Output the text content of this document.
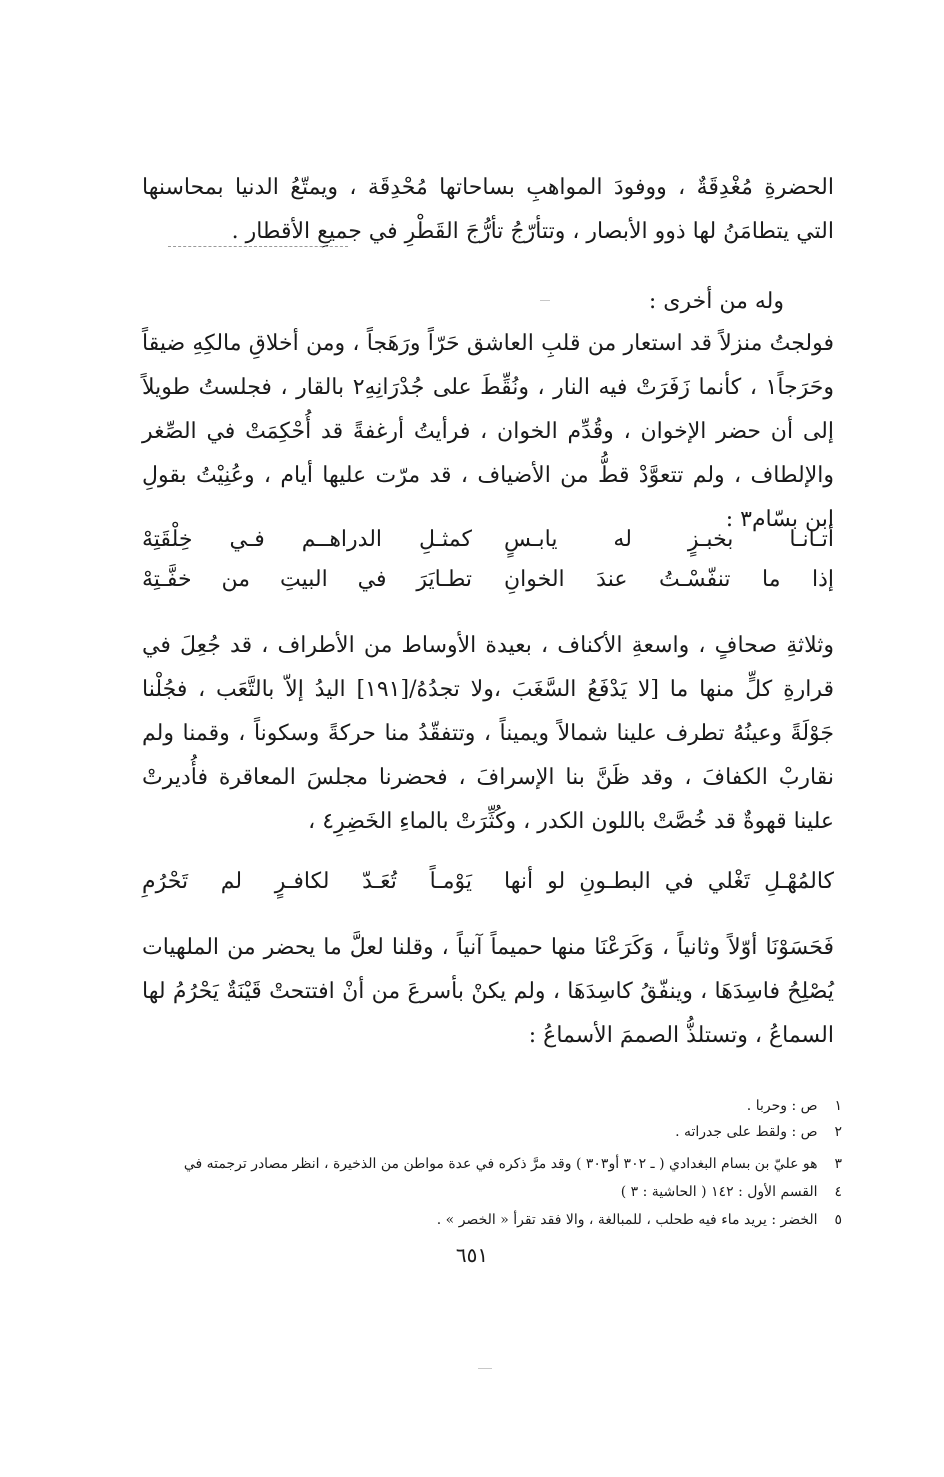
الحضرةِ مُغْدِقَةٌ ، ووفودَ المواهبِ بساحاتها مُحْدِقَة ، ويمتّعُ الدنيا بمحاسنها التي يتطامَنُ لها ذوو الأبصار ، وتتأرّجُ تأرُّجَ القَطْرِ في جميعِ الأقطار .
وله من أخرى :
فولجتُ منزلاً قد استعار من قلبِ العاشق حَرّاً ورَهَجاً ، ومن أخلاقِ مالكِهِ ضيقاً وحَرَجاً١ ، كأنما زَفَرَتْ فيه النار ، ونُقِّطَ على جُدْرَانِهِ٢ بالقار ، فجلستُ طويلاً إلى أن حضر الإخوان ، وقُدِّم الخوان ، فرأيتُ أرغفةً قد أُحْكِمَتْ في الصِّغر والإلطاف ، ولم تتعوَّدْ قطُّ من الأضياف ، قد مرّت عليها أيام ، وعُنِيْتُ بقولِ ابن بسّام٣ :
أتـانـا بخبـزٍ له يابـسٍ
كمثـلِ الدراهــم فـي خِلْقَتِهْ
إذا ما تنفّسْـتُ عندَ الخوانِ
تطـايَرَ في البيتِ من خفَّـتِهْ
وثلاثةِ صحافٍ ، واسعةِ الأكناف ، بعيدة الأوساط من الأطراف ، قد جُعِلَ في قرارةِ كلٍّ منها ما [لا يَدْفَعُ السَّغَبَ ،ولا تجدُهُ/[١٩١] اليدُ إلاّ بالتَّعَب ، فجُلْنا جَوْلَةً وعينُهُ تطرف علينا شمالاً ويميناً ، وتتفقّدُ منا حركةً وسكوناً ، وقمنا ولم نقاربْ الكفافَ ، وقد ظَنَّ بنا الإسرافَ ، فحضرنا مجلسَ المعاقرة فأُديرتْ علينا قهوةٌ قد خُصَّتْ باللون الكدر ، وكُثِّرَتْ بالماءِ الخَضِرِ٤ ،
كالمُهْـلِ تَغْلي في البطـونِ لو أنها
يَوْمـاً تُعَـدّ لكافـرٍ لم تَحْرُمِ
فَحَسَوْنَا أوّلاً وثانياً ، وَكَرَعْنَا منها حميماً آنياً ، وقلنا لعلَّ ما يحضر من الملهيات يُصْلِحُ فاسِدَهَا ، وينفّقُ كاسِدَهَا ، ولم يكنْ بأسرعَ من أنْ افتتحتْ قَيْنَةٌ يَحْرُمُ لها السماعُ ، وتستلذُّ الصممَ الأسماعُ :
١ ص : وحربا .
٢ ص : ولقط على جدراته .
٣ هو عليّ بن بسام البغدادي ( ـ ٣٠٢ أو٣٠٣ ) وقد مرَّ ذكره في عدة مواطن من الذخيرة ، انظر مصادر ترجمته في
٤ القسم الأول : ١٤٢ ( الحاشية : ٣ )
٥ الخضر : يريد ماء فيه طحلب ، للمبالغة ، والا فقد تقرأ « الخصر » .
٦٥١
